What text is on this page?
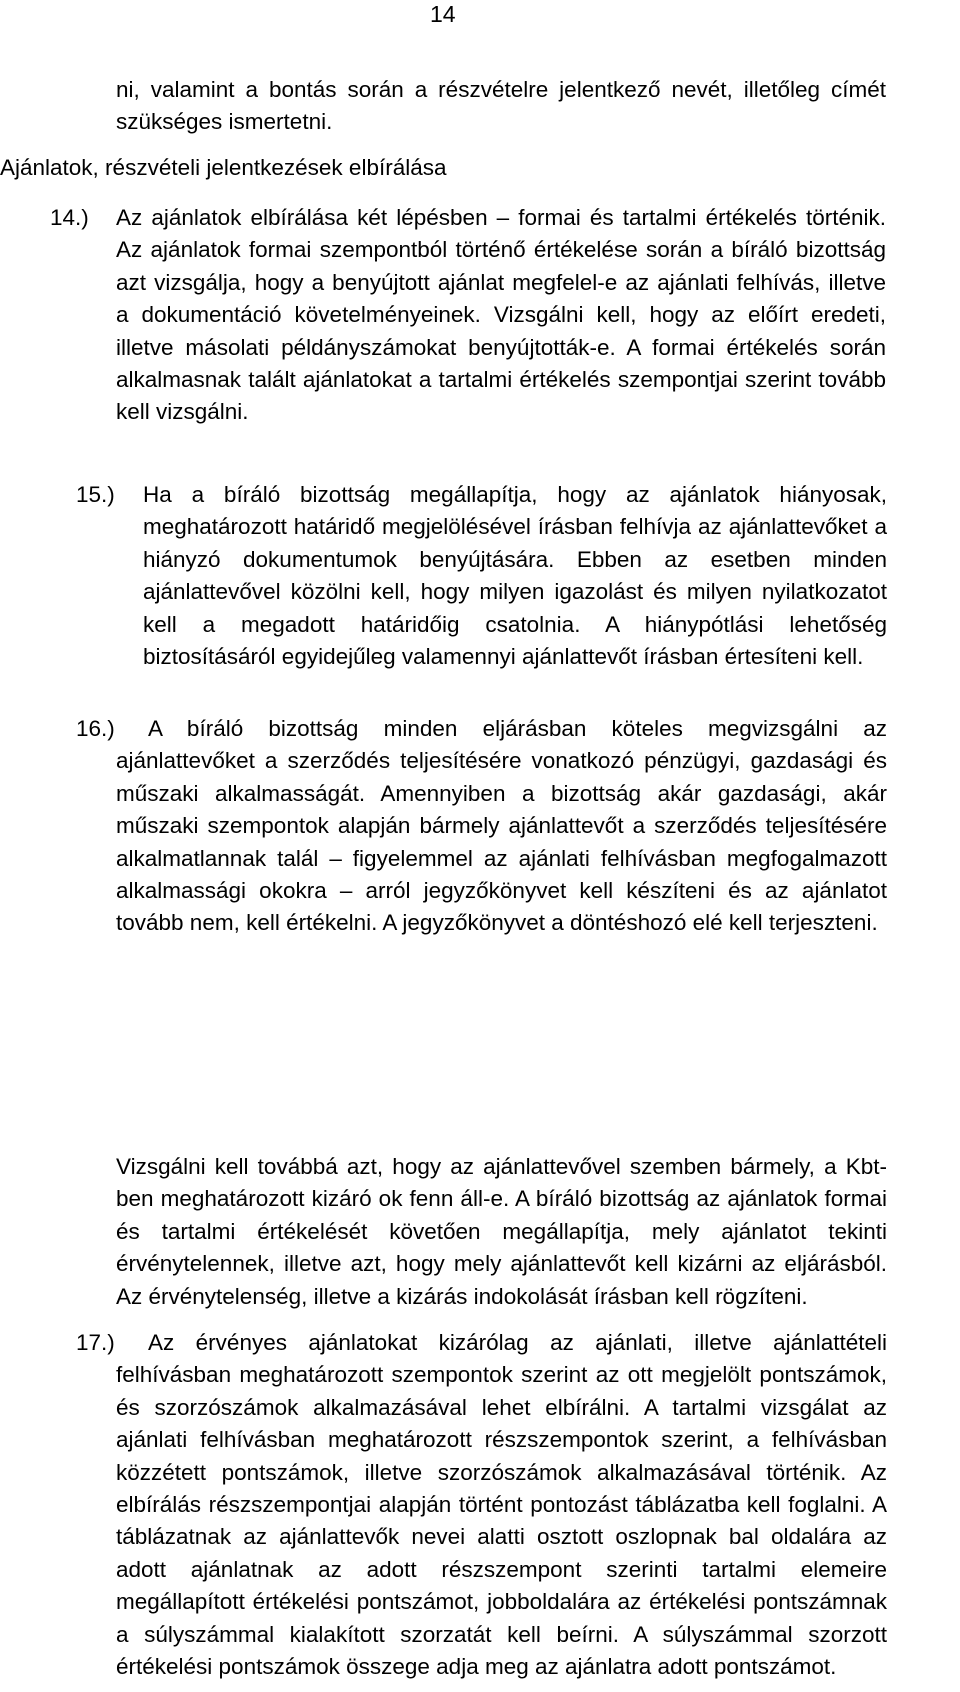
14

ni, valamint a bontás során a részvételre jelentkező nevét, illetőleg címét szükséges ismertetni.

Ajánlatok, részvételi jelentkezések elbírálása
14.) Az ajánlatok elbírálása két lépésben – formai és tartalmi értékelés történik. Az ajánlatok formai szempontból történő értékelése során a bíráló bizottság azt vizsgálja, hogy a benyújtott ajánlat megfelel-e az ajánlati felhívás, illetve a dokumentáció követelményeinek. Vizsgálni kell, hogy az előírt eredeti, illetve másolati példányszámokat benyújtották-e. A formai értékelés során alkalmasnak talált ajánlatokat a tartalmi értékelés szempontjai szerint tovább kell vizsgálni.

15.) Ha a bíráló bizottság megállapítja, hogy az ajánlatok hiányosak, meghatározott határidő megjelölésével írásban felhívja az ajánlattevőket a hiányzó dokumentumok benyújtására. Ebben az esetben minden ajánlattevővel közölni kell, hogy milyen igazolást és milyen nyilatkozatot kell a megadott határidőig csatolnia. A hiánypótlási lehetőség biztosításáról egyidejűleg valamennyi ajánlattevőt írásban értesíteni kell.

16.)	A bíráló bizottság minden eljárásban köteles megvizsgálni az ajánlattevőket a szerződés teljesítésére vonatkozó pénzügyi, gazdasági és műszaki alkalmasságát. Amennyiben a bizottság akár gazdasági, akár műszaki szempontok alapján bármely ajánlattevőt a szerződés teljesítésére alkalmatlannak talál – figyelemmel az ajánlati felhívásban megfogalmazott alkalmassági okokra – arról jegyzőkönyvet kell készíteni és az ajánlatot tovább nem, kell értékelni. A jegyzőkönyvet a döntéshozó elé kell terjeszteni.

Vizsgálni kell továbbá azt, hogy az ajánlattevővel szemben bármely, a Kbt-ben meghatározott kizáró ok fenn áll-e. A bíráló bizottság az ajánlatok formai és tartalmi értékelését követően megállapítja, mely ajánlatot tekinti érvénytelennek, illetve azt, hogy mely ajánlattevőt kell kizárni az eljárásból. Az érvénytelenség, illetve a kizárás indokolását írásban kell rögzíteni.

17.)	Az érvényes ajánlatokat kizárólag az ajánlati, illetve ajánlattételi felhívásban meghatározott szempontok szerint az ott megjelölt pontszámok, és szorzószámok alkalmazásával lehet elbírálni. A tartalmi vizsgálat az ajánlati felhívásban meghatározott részszempontok szerint, a felhívásban közzétett pontszámok, illetve szorzószámok alkalmazásával történik. Az elbírálás részszempontjai alapján történt pontozást táblázatba kell foglalni. A táblázatnak az ajánlattevők nevei alatti osztott oszlopnak bal oldalára az adott ajánlatnak az adott részszempont szerinti tartalmi elemeire megállapított értékelési pontszámot, jobboldalára az értékelési pontszámnak a súlyszámmal kialakított szorzatát kell beírni. A súlyszámmal szorzott értékelési pontszámok összege adja meg az ajánlatra adott pontszámot.
